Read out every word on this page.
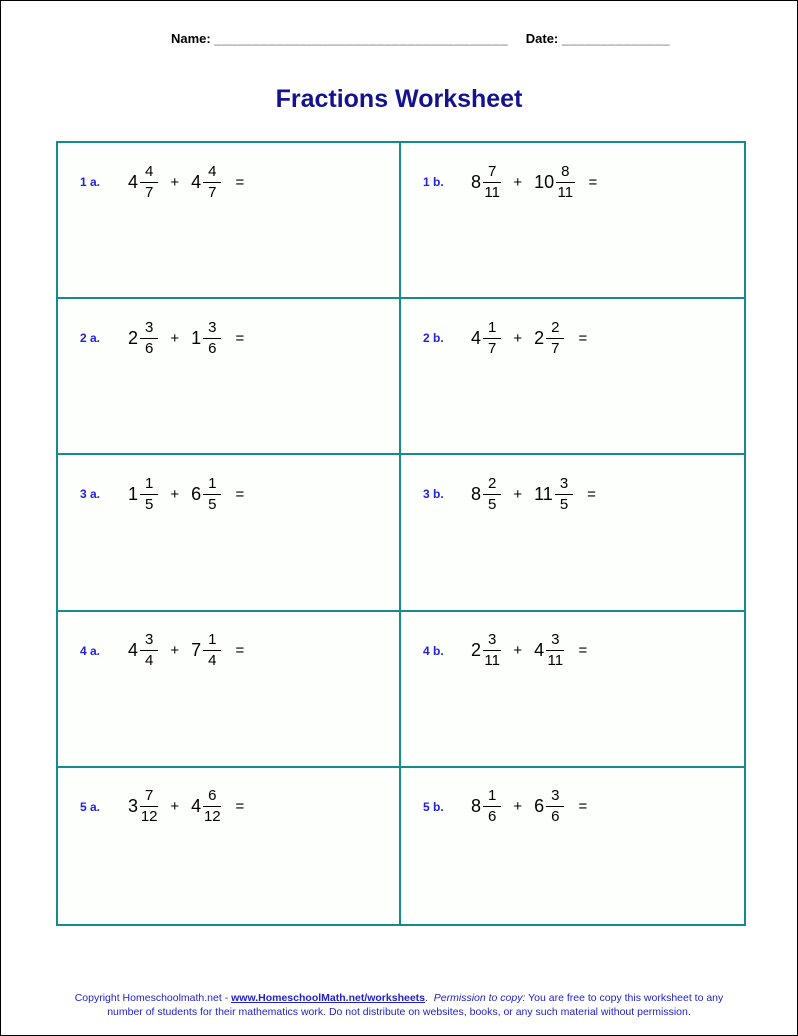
Name: ______________________________________ Date: ______________
Fractions Worksheet
1 a.	$4 \frac{4}{7} + 4 \frac{4}{7}$ =	1 b.	$8 \frac{7}{11} + 10 \frac{8}{11}$ =
2 a.	$2 \frac{3}{6} + 1 \frac{3}{6}$ =	2 b.	$4 \frac{1}{7} + 2 \frac{2}{7}$ =
3 a.	$1 \frac{1}{5} + 6 \frac{1}{5}$ =	3 b.	$8 \frac{2}{5} + 11 \frac{3}{5}$ =
4 a.	$4 \frac{3}{4} + 7 \frac{1}{4}$ =	4 b.	$2 \frac{3}{11} + 4 \frac{3}{11}$ =
5 a.	$3 \frac{7}{12} + 4 \frac{6}{12}$ =	5 b.	$8 \frac{1}{6} + 6 \frac{3}{6}$ =
Copyright Homeschoolmath.net - www.HomeschoolMath.net/worksheets.  Permission to copy: You are free to copy this worksheet to any
number of students for their mathematics work. Do not distribute on websites, books, or any such material without permission.
